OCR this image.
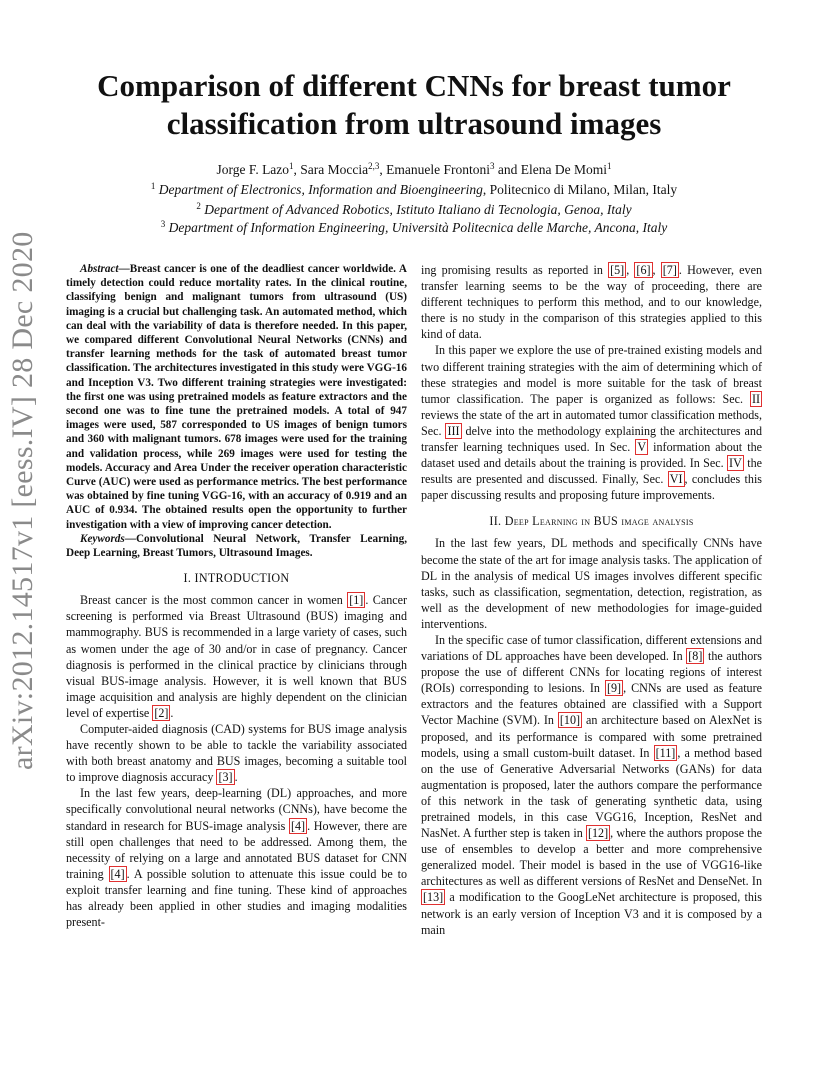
arXiv:2012.14517v1 [eess.IV] 28 Dec 2020
Comparison of different CNNs for breast tumor classification from ultrasound images
Jorge F. Lazo$^1$, Sara Moccia$^{2,3}$, Emanuele Frontoni$^3$ and Elena De Momi$^1$
$^1$ Department of Electronics, Information and Bioengineering, Politecnico di Milano, Milan, Italy
$^2$ Department of Advanced Robotics, Istituto Italiano di Tecnologia, Genoa, Italy
$^3$ Department of Information Engineering, Università Politecnica delle Marche, Ancona, Italy

Abstract—Breast cancer is one of the deadliest cancer worldwide. A timely detection could reduce mortality rates. In the clinical routine, classifying benign and malignant tumors from ultrasound (US) imaging is a crucial but challenging task. An automated method, which can deal with the variability of data is therefore needed. In this paper, we compared different Convolutional Neural Networks (CNNs) and transfer learning methods for the task of automated breast tumor classification. The architectures investigated in this study were VGG-16 and Inception V3. Two different training strategies were investigated: the first one was using pretrained models as feature extractors and the second one was to fine tune the pretrained models. A total of 947 images were used, 587 corresponded to US images of benign tumors and 360 with malignant tumors. 678 images were used for the training and validation process, while 269 images were used for testing the models. Accuracy and Area Under the receiver operation characteristic Curve (AUC) were used as performance metrics. The best performance was obtained by fine tuning VGG-16, with an accuracy of 0.919 and an AUC of 0.934. The obtained results open the opportunity to further investigation with a view of improving cancer detection.

Keywords—Convolutional Neural Network, Transfer Learning, Deep Learning, Breast Tumors, Ultrasound Images.

I. INTRODUCTION

Breast cancer is the most common cancer in women [1] . Cancer screening is performed via Breast Ultrasound (BUS) imaging and mammography. BUS is recommended in a large variety of cases, such as women under the age of 30 and/or in case of pregnancy. Cancer diagnosis is performed in the clinical practice by clinicians through visual BUS-image analysis. However, it is well known that BUS image acquisition and analysis are highly dependent on the clinician level of expertise [2] .

Computer-aided diagnosis (CAD) systems for BUS image analysis have recently shown to be able to tackle the variability associated with both breast anatomy and BUS images, becoming a suitable tool to improve diagnosis accuracy [3] .

In the last few years, deep-learning (DL) approaches, and more specifically convolutional neural networks (CNNs), have become the standard in research for BUS-image analysis [4] . However, there are still open challenges that need to be addressed. Among them, the necessity of relying on a large and annotated BUS dataset for CNN training [4] . A possible solution to attenuate this issue could be to exploit transfer learning and fine tuning. These kind of approaches has already been applied in other studies and imaging modalities present-

ing promising results as reported in [5] , [6] , [7] . However, even transfer learning seems to be the way of proceeding, there are different techniques to perform this method, and to our knowledge, there is no study in the comparison of this strategies applied to this kind of data.

In this paper we explore the use of pre-trained existing models and two different training strategies with the aim of determining which of these strategies and model is more suitable for the task of breast tumor classification. The paper is organized as follows: Sec. II reviews the state of the art in automated tumor classification methods, Sec. III delve into the methodology explaining the architectures and transfer learning techniques used. In Sec. V information about the dataset used and details about the training is provided. In Sec. IV the results are presented and discussed. Finally, Sec. VI , concludes this paper discussing results and proposing future improvements.

II. Deep Learning in BUS image analysis

In the last few years, DL methods and specifically CNNs have become the state of the art for image analysis tasks. The application of DL in the analysis of medical US images involves different specific tasks, such as classification, segmentation, detection, registration, as well as the development of new methodologies for image-guided interventions.

In the specific case of tumor classification, different extensions and variations of DL approaches have been developed. In [8] the authors propose the use of different CNNs for locating regions of interest (ROIs) corresponding to lesions. In [9] , CNNs are used as feature extractors and the features obtained are classified with a Support Vector Machine (SVM). In [10] an architecture based on AlexNet is proposed, and its performance is compared with some pretrained models, using a small custom-built dataset. In [11] , a method based on the use of Generative Adversarial Networks (GANs) for data augmentation is proposed, later the authors compare the performance of this network in the task of generating synthetic data, using pretrained models, in this case VGG16, Inception, ResNet and NasNet. A further step is taken in [12] , where the authors propose the use of ensembles to develop a better and more comprehensive generalized model. Their model is based in the use of VGG16-like architectures as well as different versions of ResNet and DenseNet. In [13] a modification to the GoogLeNet architecture is proposed, this network is an early version of Inception V3 and it is composed by a main
